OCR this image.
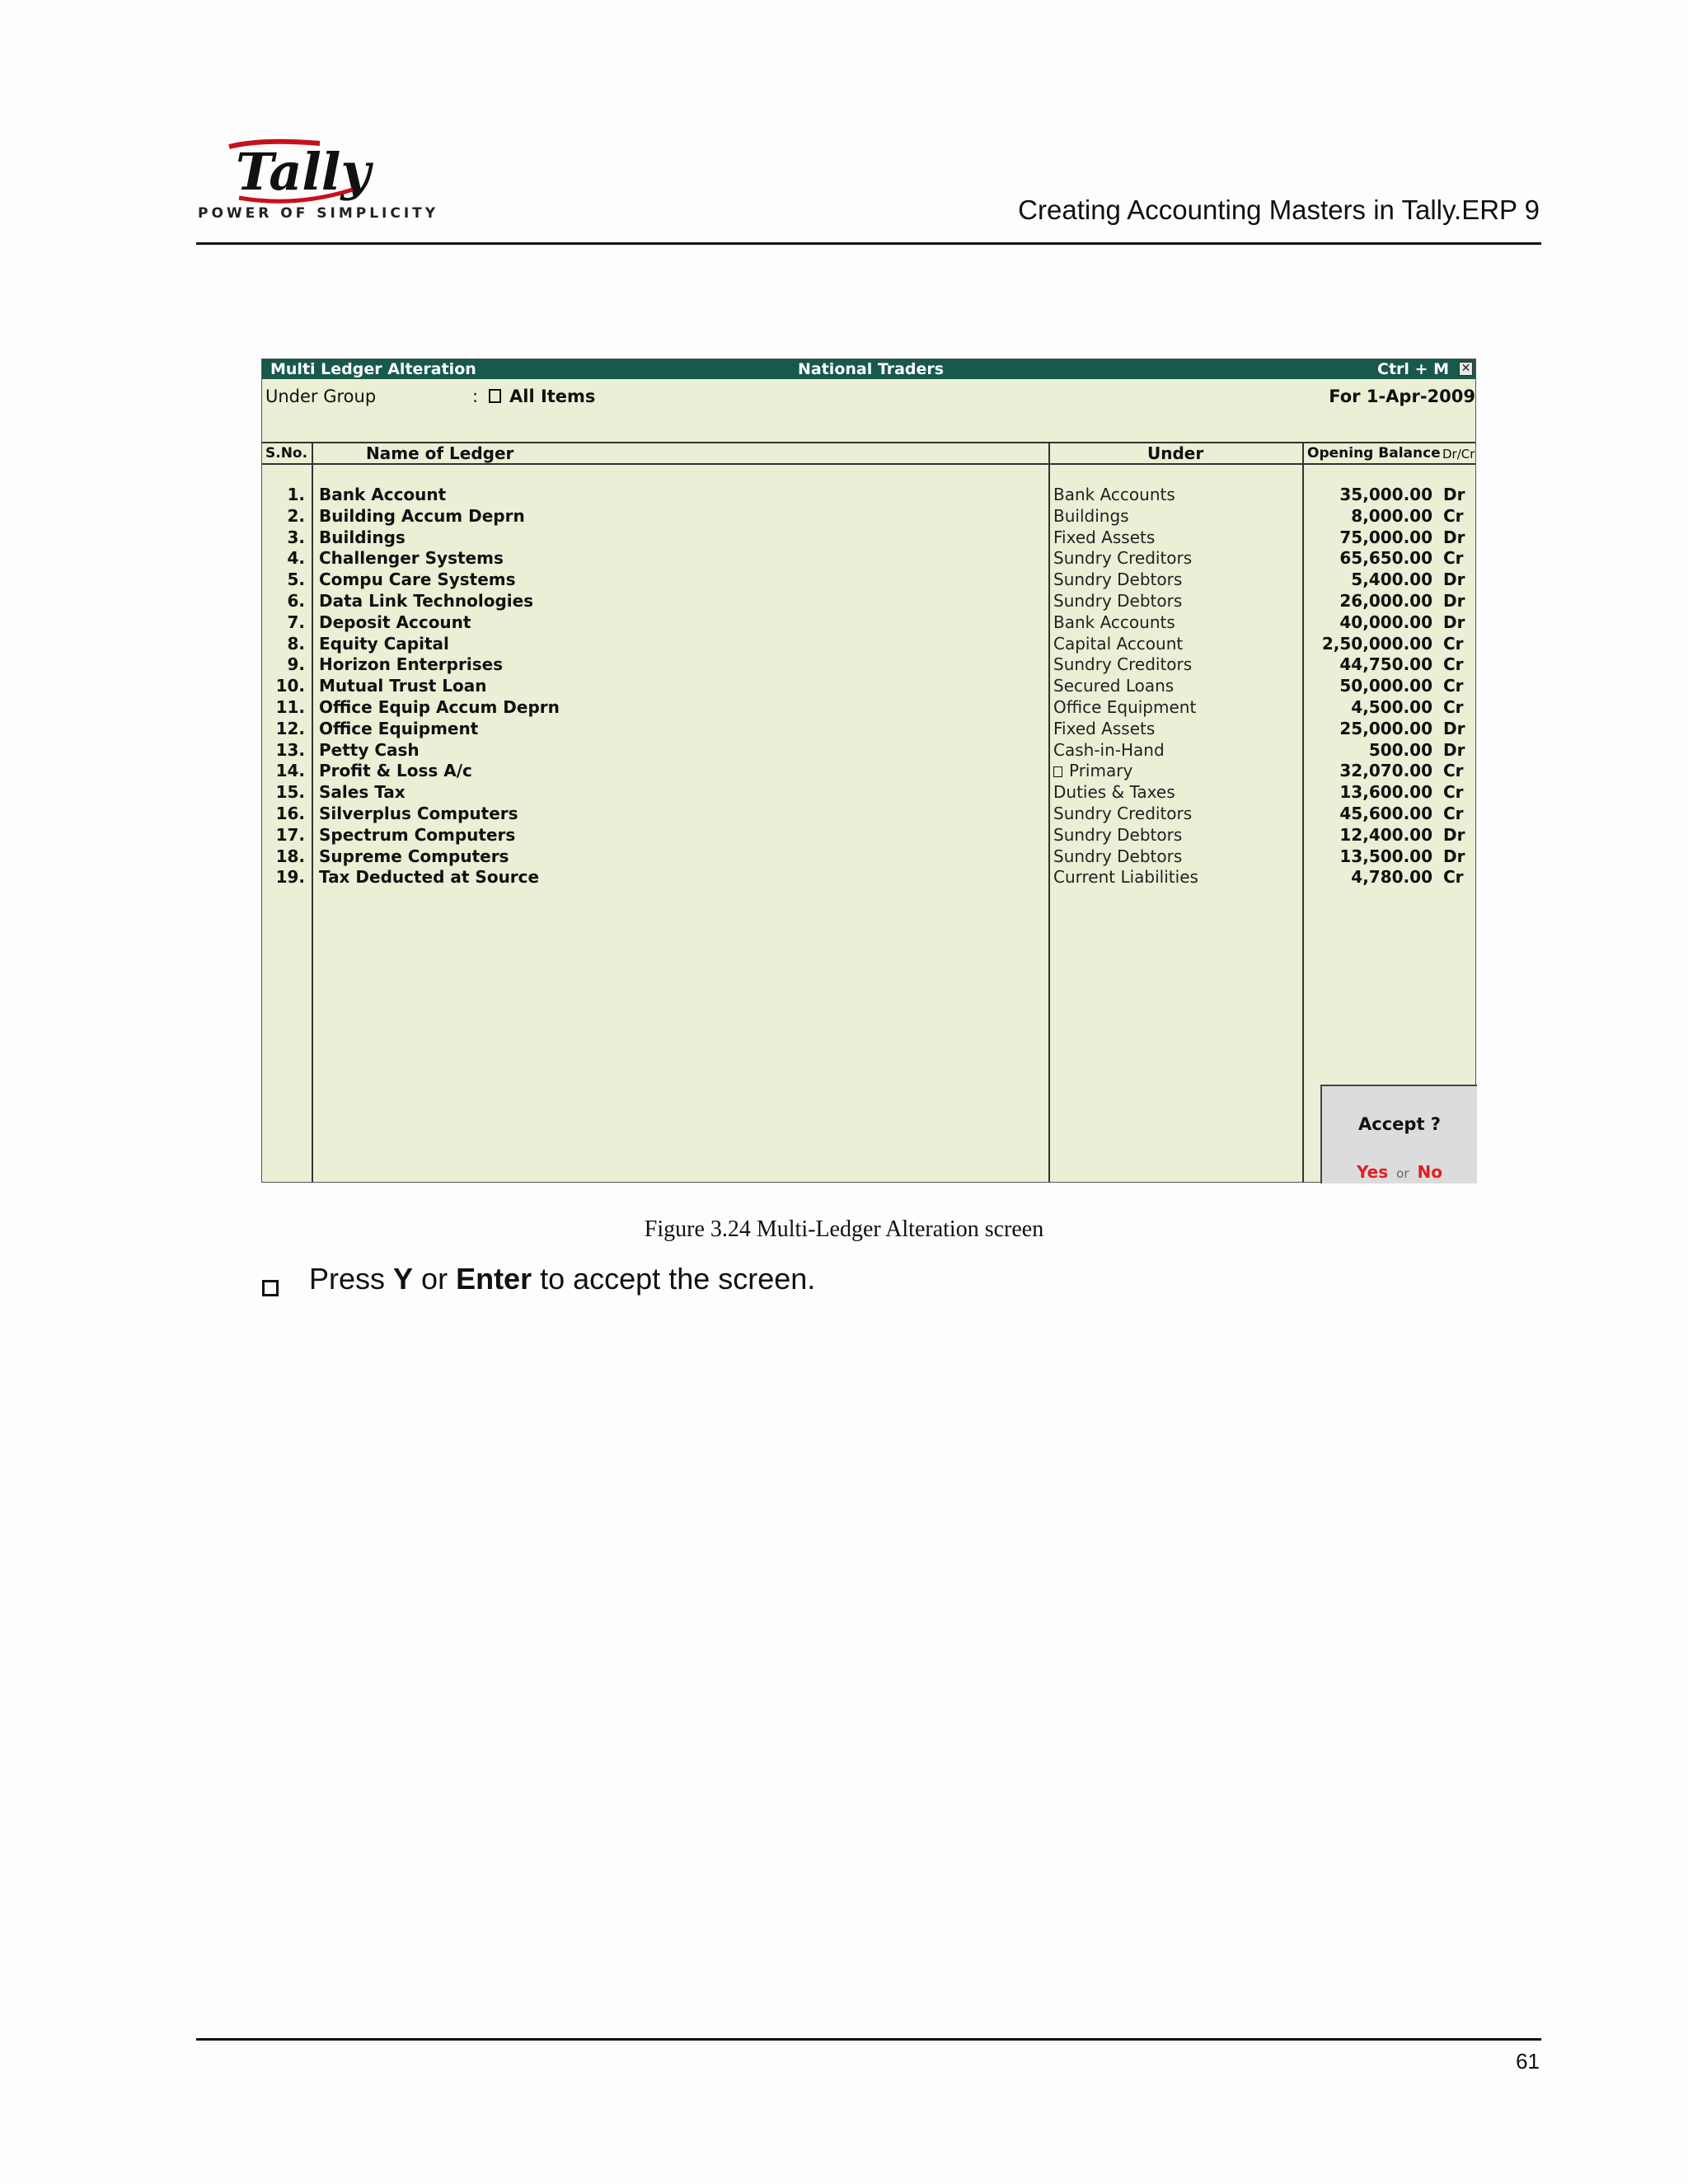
Tally
POWER OF SIMPLICITY	Creating Accounting Masters in Tally.ERP 9
Multi Ledger Alteration	National Traders	Ctrl + M ✕
Under Group	:	All Items	For 1-Apr-2009
S.No.	Name of Ledger	Under	Opening Balance Dr/Cr
1. Bank Account	Bank Accounts	35,000.00 Dr
2. Building Accum Deprn	Buildings	8,000.00 Cr
3. Buildings	Fixed Assets	75,000.00 Dr
4. Challenger Systems	Sundry Creditors	65,650.00 Cr
5. Compu Care Systems	Sundry Debtors	5,400.00 Dr
6. Data Link Technologies	Sundry Debtors	26,000.00 Dr
7. Deposit Account	Bank Accounts	40,000.00 Dr
8. Equity Capital	Capital Account	2,50,000.00 Cr
9. Horizon Enterprises	Sundry Creditors	44,750.00 Cr
10. Mutual Trust Loan	Secured Loans	50,000.00 Cr
11. Office Equip Accum Deprn	Office Equipment	4,500.00 Cr
12. Office Equipment	Fixed Assets	25,000.00 Dr
13. Petty Cash	Cash-in-Hand	500.00 Dr
14. Profit & Loss A/c	Primary	32,070.00 Cr
15. Sales Tax	Duties & Taxes	13,600.00 Cr
16. Silverplus Computers	Sundry Creditors	45,600.00 Cr
17. Spectrum Computers	Sundry Debtors	12,400.00 Dr
18. Supreme Computers	Sundry Debtors	13,500.00 Dr
19. Tax Deducted at Source	Current Liabilities	4,780.00 Cr
Accept ?
Yes or No
Figure 3.24 Multi-Ledger Alteration screen
Press Y or Enter to accept the screen.
61
